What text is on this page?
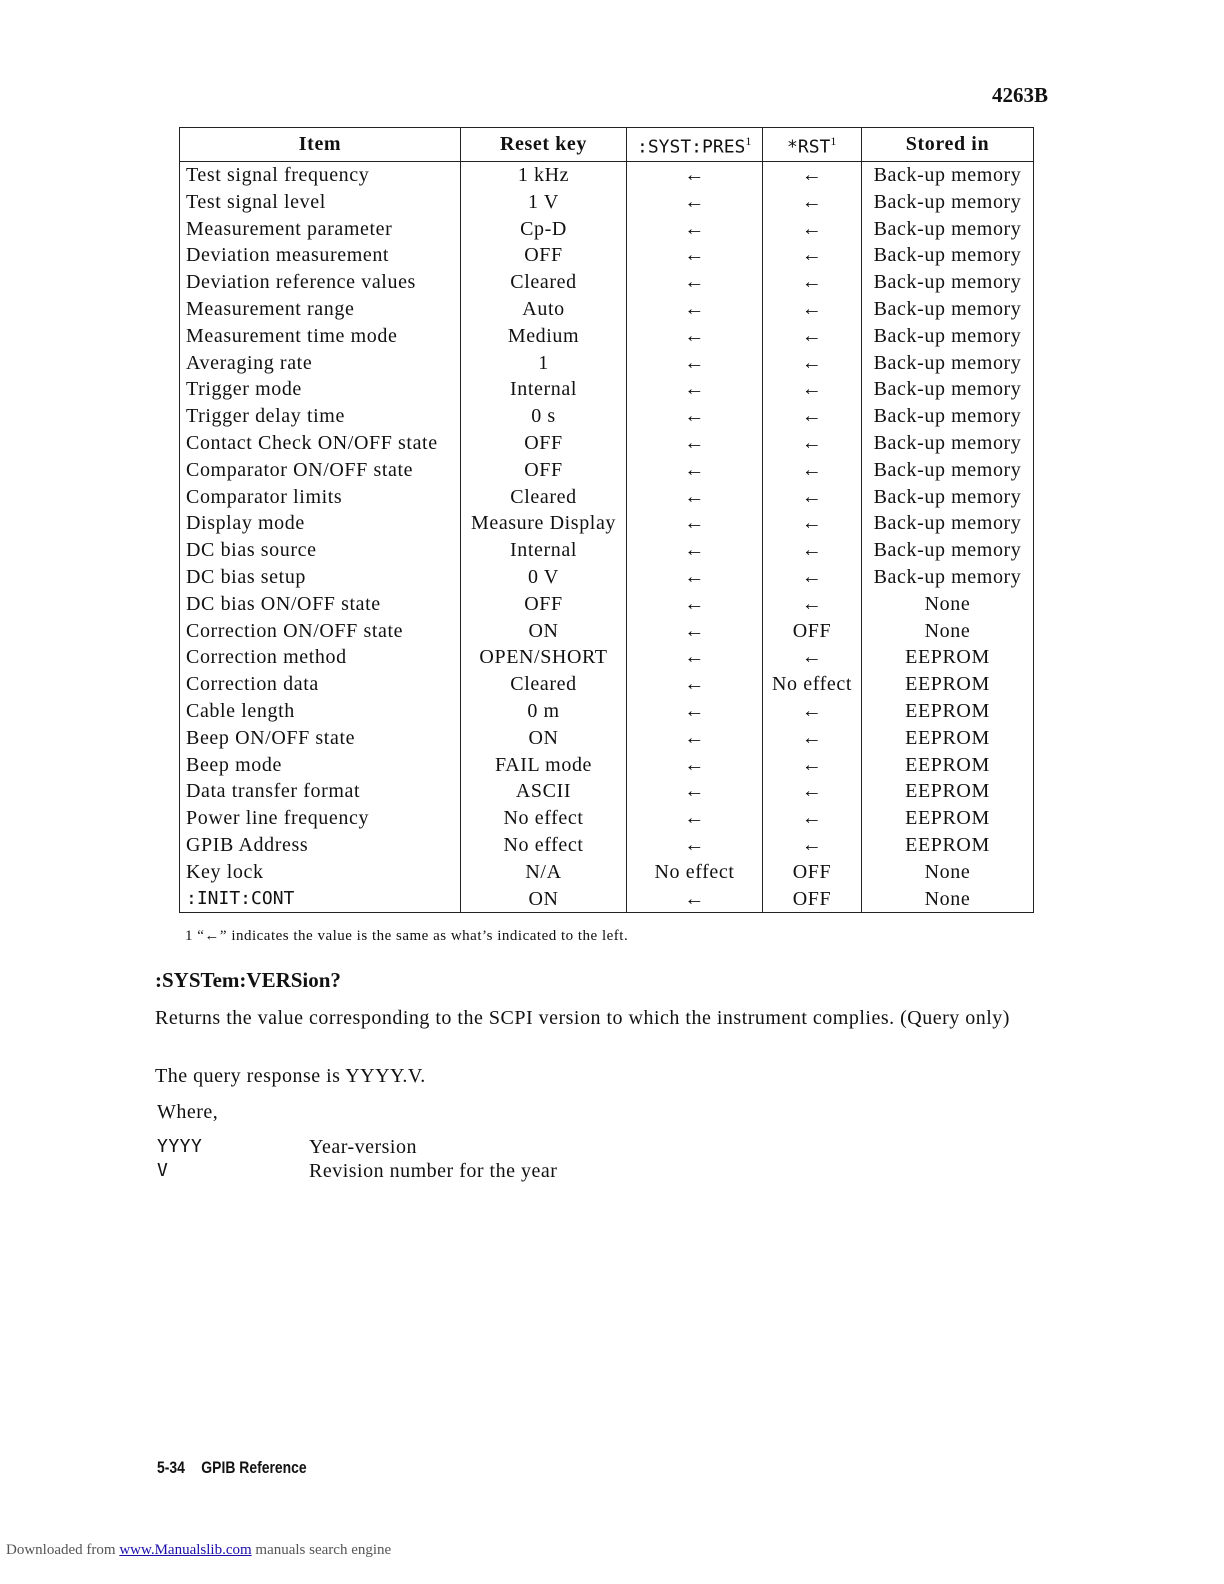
4263B
Item	Reset key	:SYST:PRES$^1$	*RST$^1$	Stored in
Test signal frequency	1 kHz	←	←	Back-up memory
Test signal level	1 V	←	←	Back-up memory
Measurement parameter	Cp-D	←	←	Back-up memory
Deviation measurement	OFF	←	←	Back-up memory
Deviation reference values	Cleared	←	←	Back-up memory
Measurement range	Auto	←	←	Back-up memory
Measurement time mode	Medium	←	←	Back-up memory
Averaging rate	1	←	←	Back-up memory
Trigger mode	Internal	←	←	Back-up memory
Trigger delay time	0 s	←	←	Back-up memory
Contact Check ON/OFF state	OFF	←	←	Back-up memory
Comparator ON/OFF state	OFF	←	←	Back-up memory
Comparator limits	Cleared	←	←	Back-up memory
Display mode	Measure Display	←	←	Back-up memory
DC bias source	Internal	←	←	Back-up memory
DC bias setup	0 V	←	←	Back-up memory
DC bias ON/OFF state	OFF	←	←	None
Correction ON/OFF state	ON	←	OFF	None
Correction method	OPEN/SHORT	←	←	EEPROM
Correction data	Cleared	←	No effect	EEPROM
Cable length	0 m	←	←	EEPROM
Beep ON/OFF state	ON	←	←	EEPROM
Beep mode	FAIL mode	←	←	EEPROM
Data transfer format	ASCII	←	←	EEPROM
Power line frequency	No effect	←	←	EEPROM
GPIB Address	No effect	←	←	EEPROM
Key lock	N/A	No effect	OFF	None
:INIT:CONT	ON	←	OFF	None
1 “←” indicates the value is the same as what’s indicated to the left.
:SYSTem:VERSion?
Returns the value corresponding to the SCPI version to which the instrument complies. (Query only)
The query response is YYYY.V.
Where,
YYYY	Year-version
V	Revision number for the year
5-34 GPIB Reference
Downloaded from www.Manualslib.com manuals search engine
